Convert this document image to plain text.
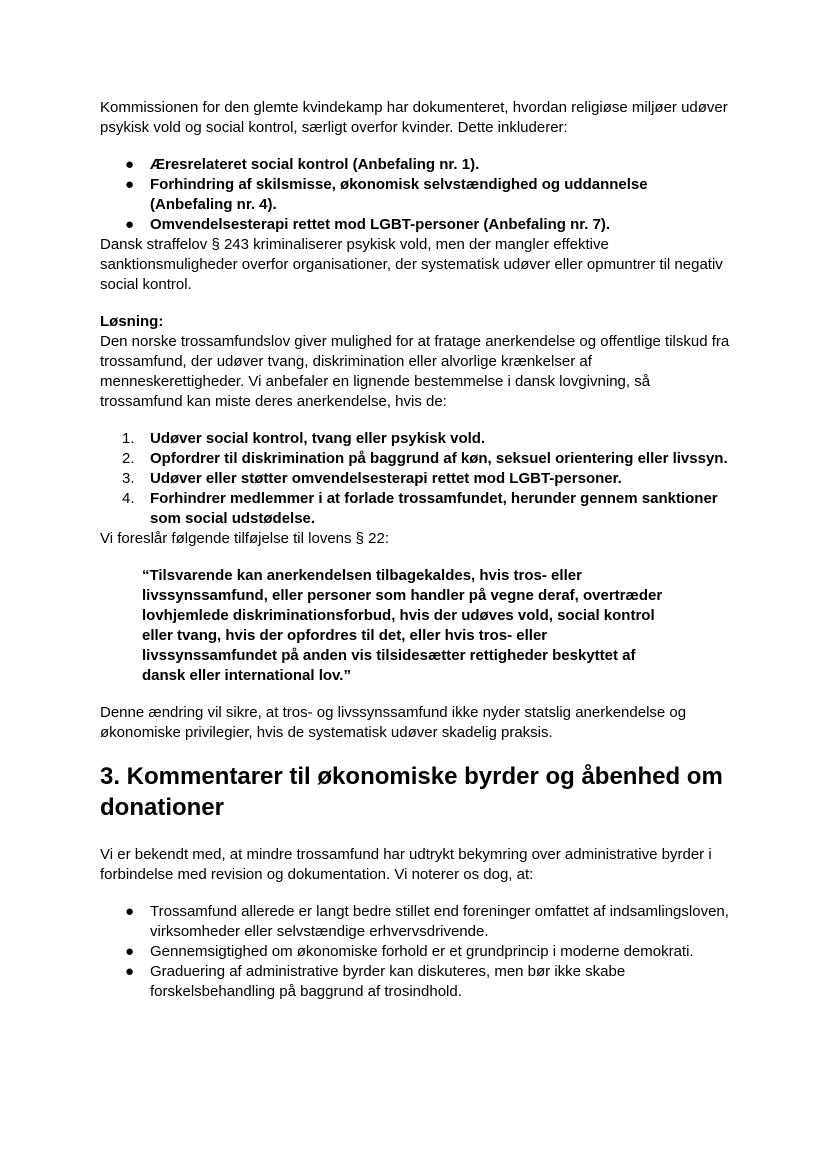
Kommissionen for den glemte kvindekamp har dokumenteret, hvordan religiøse miljøer udøver psykisk vold og social kontrol, særligt overfor kvinder. Dette inkluderer:

●	Æresrelateret social kontrol (Anbefaling nr. 1).
●	Forhindring af skilsmisse, økonomisk selvstændighed og uddannelse (Anbefaling nr. 4).
●	Omvendelsesterapi rettet mod LGBT-personer (Anbefaling nr. 7).

Dansk straffelov § 243 kriminaliserer psykisk vold, men der mangler effektive sanktionsmuligheder overfor organisationer, der systematisk udøver eller opmuntrer til negativ social kontrol.

Løsning:

Den norske trossamfundslov giver mulighed for at fratage anerkendelse og offentlige tilskud fra trossamfund, der udøver tvang, diskrimination eller alvorlige krænkelser af menneskerettigheder. Vi anbefaler en lignende bestemmelse i dansk lovgivning, så trossamfund kan miste deres anerkendelse, hvis de:

1.	Udøver social kontrol, tvang eller psykisk vold.
2.	Opfordrer til diskrimination på baggrund af køn, seksuel orientering eller livssyn.
3.	Udøver eller støtter omvendelsesterapi rettet mod LGBT-personer.
4.	Forhindrer medlemmer i at forlade trossamfundet, herunder gennem sanktioner som social udstødelse.

Vi foreslår følgende tilføjelse til lovens § 22:

“Tilsvarende kan anerkendelsen tilbagekaldes, hvis tros- eller livssynssamfund, eller personer som handler på vegne deraf, overtræder lovhjemlede diskriminationsforbud, hvis der udøves vold, social kontrol eller tvang, hvis der opfordres til det, eller hvis tros- eller livssynssamfundet på anden vis tilsidesætter rettigheder beskyttet af dansk eller international lov.”

Denne ændring vil sikre, at tros- og livssynssamfund ikke nyder statslig anerkendelse og økonomiske privilegier, hvis de systematisk udøver skadelig praksis.

3. Kommentarer til økonomiske byrder og åbenhed om donationer

Vi er bekendt med, at mindre trossamfund har udtrykt bekymring over administrative byrder i forbindelse med revision og dokumentation. Vi noterer os dog, at:

●	Trossamfund allerede er langt bedre stillet end foreninger omfattet af indsamlingsloven, virksomheder eller selvstændige erhvervsdrivende.
●	Gennemsigtighed om økonomiske forhold er et grundprincip i moderne demokrati.
●	Graduering af administrative byrder kan diskuteres, men bør ikke skabe forskelsbehandling på baggrund af trosindhold.
